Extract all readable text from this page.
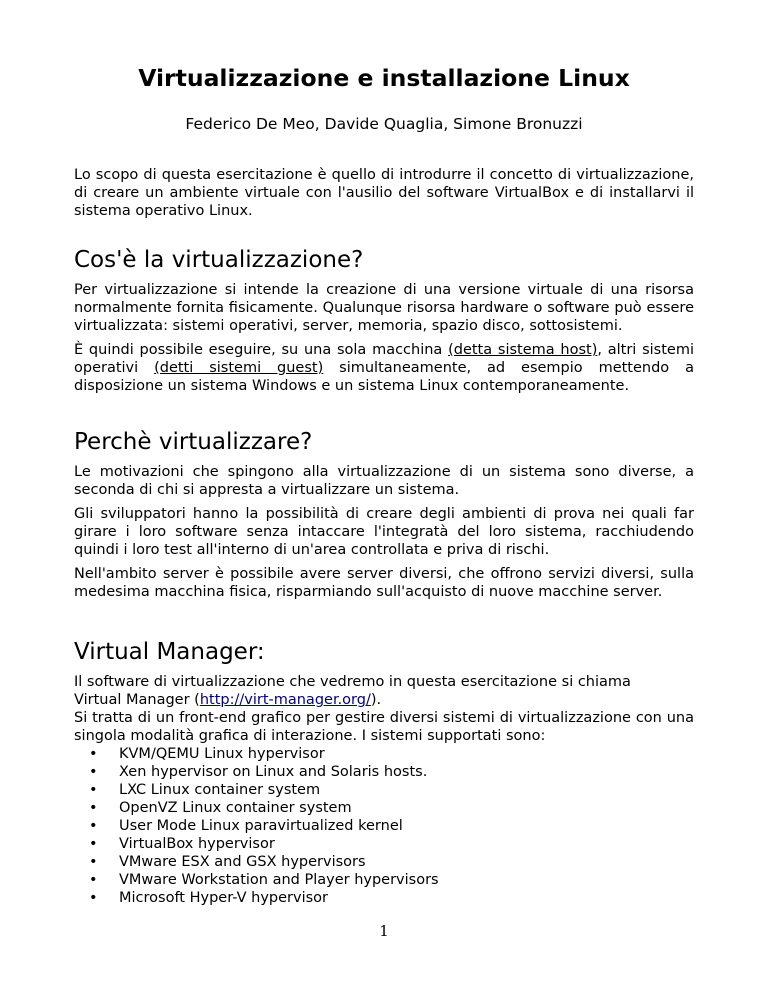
Virtualizzazione e installazione Linux
Federico De Meo, Davide Quaglia, Simone Bronuzzi

Lo scopo di questa esercitazione è quello di introdurre il concetto di virtualizzazione, di creare un ambiente virtuale con l'ausilio del software VirtualBox e di installarvi il sistema operativo Linux.

Cos'è la virtualizzazione?

Per virtualizzazione si intende la creazione di una versione virtuale di una risorsa normalmente fornita fisicamente. Qualunque risorsa hardware o software può essere virtualizzata: sistemi operativi, server, memoria, spazio disco, sottosistemi.

È quindi possibile eseguire, su una sola macchina (detta sistema host), altri sistemi operativi (detti sistemi guest) simultaneamente, ad esempio mettendo a disposizione un sistema Windows e un sistema Linux contemporaneamente.

Perchè virtualizzare?

Le motivazioni che spingono alla virtualizzazione di un sistema sono diverse, a seconda di chi si appresta a virtualizzare un sistema.

Gli sviluppatori hanno la possibilità di creare degli ambienti di prova nei quali far girare i loro software senza intaccare l'integratà del loro sistema, racchiudendo quindi i loro test all'interno di un'area controllata e priva di rischi.

Nell'ambito server è possibile avere server diversi, che offrono servizi diversi, sulla medesima macchina fisica, risparmiando sull'acquisto di nuove macchine server.

Virtual Manager:

Il software di virtualizzazione che vedremo in questa esercitazione si chiama

Virtual Manager (http://virt-manager.org/).

Si tratta di un front-end grafico per gestire diversi sistemi di virtualizzazione con una singola modalità grafica di interazione. I sistemi supportati sono:

• KVM/QEMU Linux hypervisor
• Xen hypervisor on Linux and Solaris hosts.
• LXC Linux container system
• OpenVZ Linux container system
• User Mode Linux paravirtualized kernel
• VirtualBox hypervisor
• VMware ESX and GSX hypervisors
• VMware Workstation and Player hypervisors
• Microsoft Hyper-V hypervisor
1
